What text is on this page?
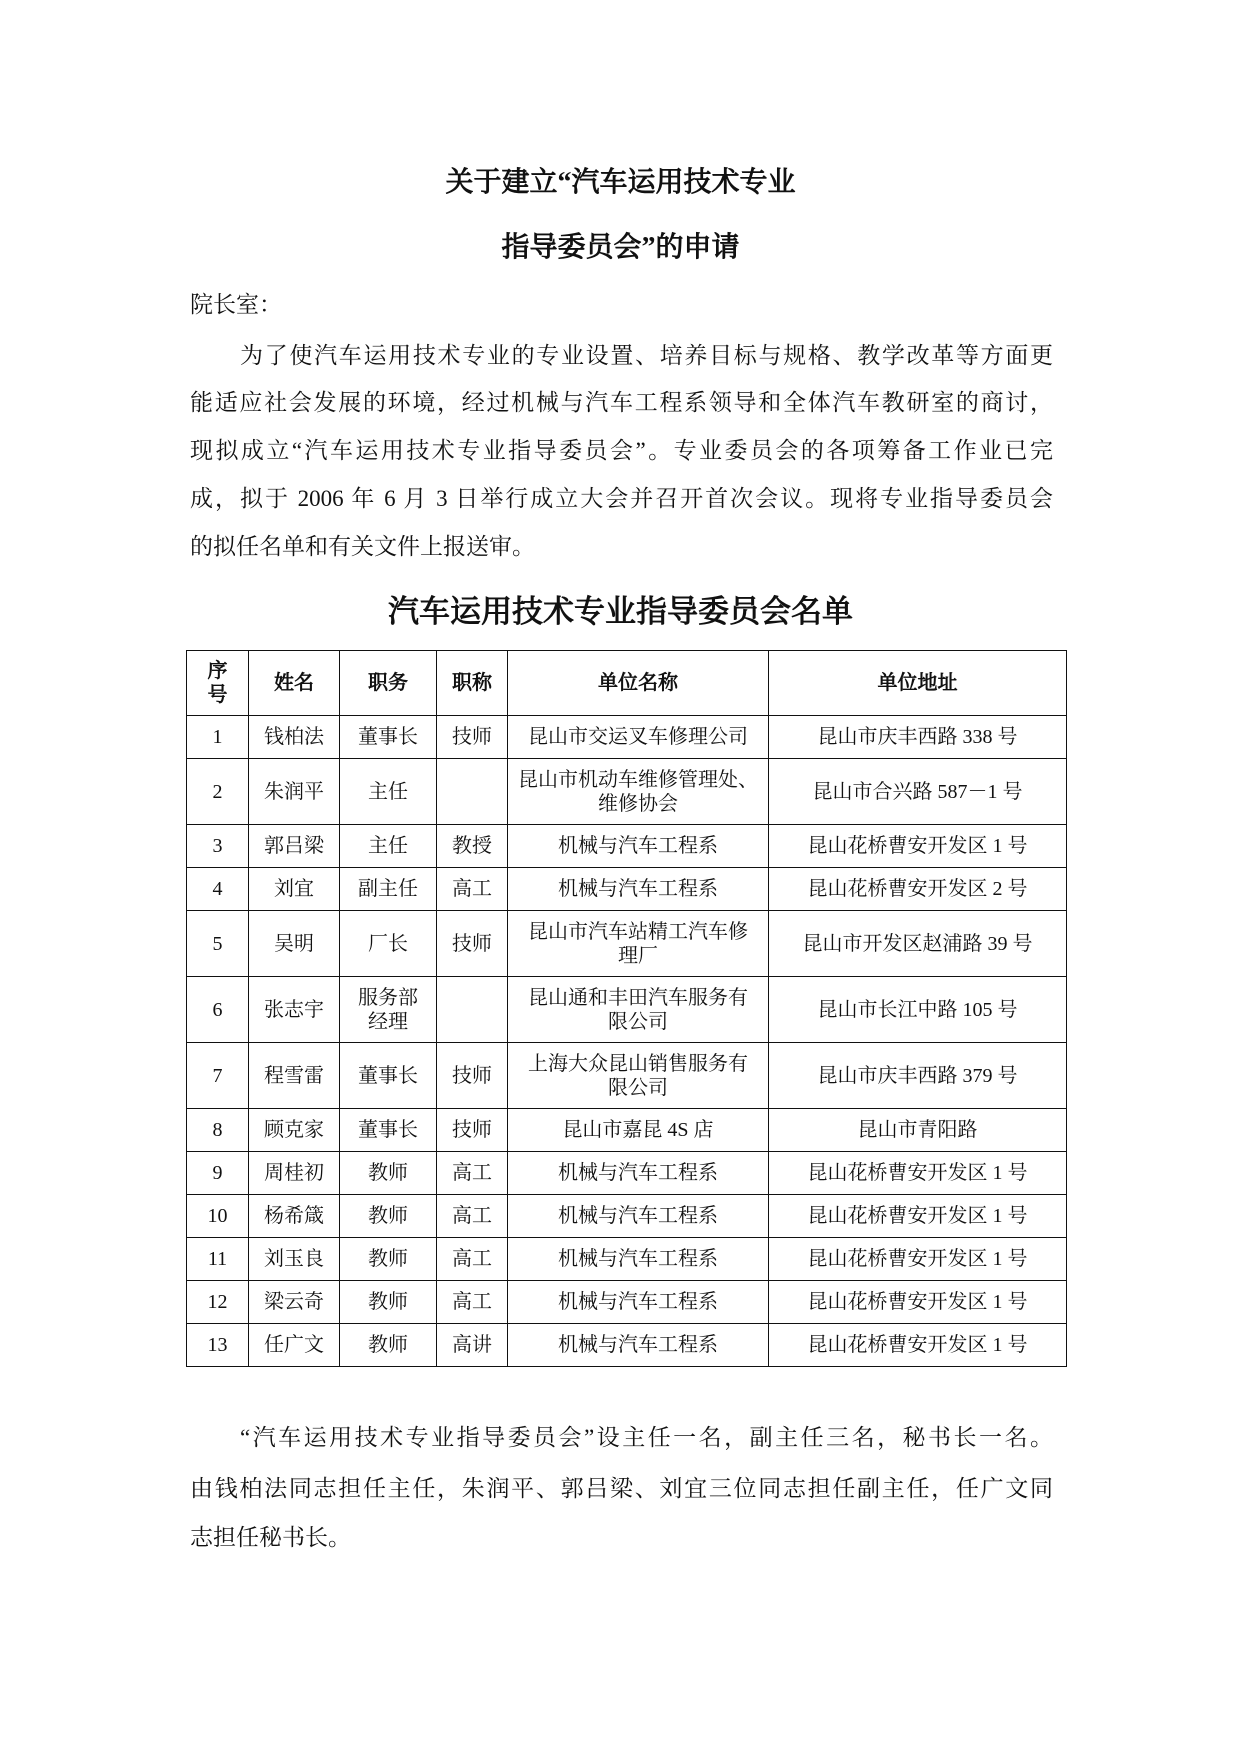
关于建立“汽车运用技术专业
指导委员会”的申请
院长室：
为了使汽车运用技术专业的专业设置、培养目标与规格、教学改革等方面更
能适应社会发展的环境，经过机械与汽车工程系领导和全体汽车教研室的商讨，
现拟成立“汽车运用技术专业指导委员会”。专业委员会的各项筹备工作业已完
成，拟于 2006 年 6 月 3 日举行成立大会并召开首次会议。现将专业指导委员会
的拟任名单和有关文件上报送审。
汽车运用技术专业指导委员会名单
序
号	姓名	职务	职称	单位名称	单位地址
1	钱柏法	董事长	技师	昆山市交运叉车修理公司	昆山市庆丰西路 338 号
2	朱润平	主任		昆山市机动车维修管理处、
维修协会	昆山市合兴路 587－1 号
3	郭吕梁	主任	教授	机械与汽车工程系	昆山花桥曹安开发区 1 号
4	刘宜	副主任	高工	机械与汽车工程系	昆山花桥曹安开发区 2 号
5	吴明	厂长	技师	昆山市汽车站精工汽车修
理厂	昆山市开发区赵浦路 39 号
6	张志宇	服务部
经理		昆山通和丰田汽车服务有
限公司	昆山市长江中路 105 号
7	程雪雷	董事长	技师	上海大众昆山销售服务有
限公司	昆山市庆丰西路 379 号
8	顾克家	董事长	技师	昆山市嘉昆 4S 店	昆山市青阳路
9	周桂初	教师	高工	机械与汽车工程系	昆山花桥曹安开发区 1 号
10	杨希箴	教师	高工	机械与汽车工程系	昆山花桥曹安开发区 1 号
11	刘玉良	教师	高工	机械与汽车工程系	昆山花桥曹安开发区 1 号
12	梁云奇	教师	高工	机械与汽车工程系	昆山花桥曹安开发区 1 号
13	任广文	教师	高讲	机械与汽车工程系	昆山花桥曹安开发区 1 号
“汽车运用技术专业指导委员会”设主任一名，副主任三名，秘书长一名。
由钱柏法同志担任主任，朱润平、郭吕梁、刘宜三位同志担任副主任，任广文同
志担任秘书长。
